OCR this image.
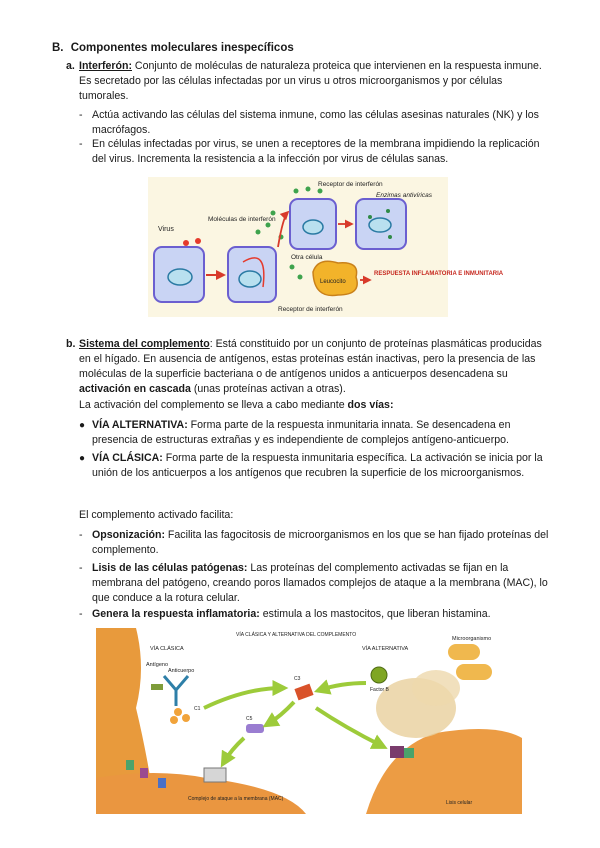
B. Componentes moleculares inespecíficos
a. Interferón: Conjunto de moléculas de naturaleza proteica que intervienen en la respuesta inmune. Es secretado por las células infectadas por un virus u otros microorganismos y por células tumorales.
- Actúa activando las células del sistema inmune, como las células asesinas naturales (NK) y los macrófagos.
- En células infectadas por virus, se unen a receptores de la membrana impidiendo la replicación del virus. Incrementa la resistencia a la infección por virus de células sanas.
Virus
Moléculas de interferón
Receptor de interferón
Enzimas antivíricas
Otra célula
Leucocito
RESPUESTA INFLAMATORIA E INMUNITARIA
Receptor de interferón
b. Sistema del complemento: Está constituido por un conjunto de proteínas plasmáticas producidas en el hígado. En ausencia de antígenos, estas proteínas están inactivas, pero la presencia de las moléculas de la superficie bacteriana o de antígenos unidos a anticuerpos desencadena su activación en cascada (unas proteínas activan a otras).
La activación del complemento se lleva a cabo mediante dos vías:
● VÍA ALTERNATIVA: Forma parte de la respuesta inmunitaria innata. Se desencadena en presencia de estructuras extrañas y es independiente de complejos antígeno-anticuerpo.
● VÍA CLÁSICA: Forma parte de la respuesta inmunitaria específica. La activación se inicia por la unión de los anticuerpos a los antígenos que recubren la superficie de los microorganismos.
El complemento activado facilita:
- Opsonización: Facilita las fagocitosis de microorganismos en los que se han fijado proteínas del complemento.
- Lisis de las células patógenas: Las proteínas del complemento activadas se fijan en la membrana del patógeno, creando poros llamados complejos de ataque a la membrana (MAC), lo que conduce a la rotura celular.
- Genera la respuesta inflamatoria: estimula a los mastocitos, que liberan histamina.
VÍA CLÁSICA Y ALTERNATIVA DEL COMPLEMENTO
VÍA CLÁSICA	VÍA ALTERNATIVA
Antígeno
Anticuerpo
Microorganismo
C1
C3
C5
Factor B
Complejo de ataque a la membrana (MAC)
Lisis celular
